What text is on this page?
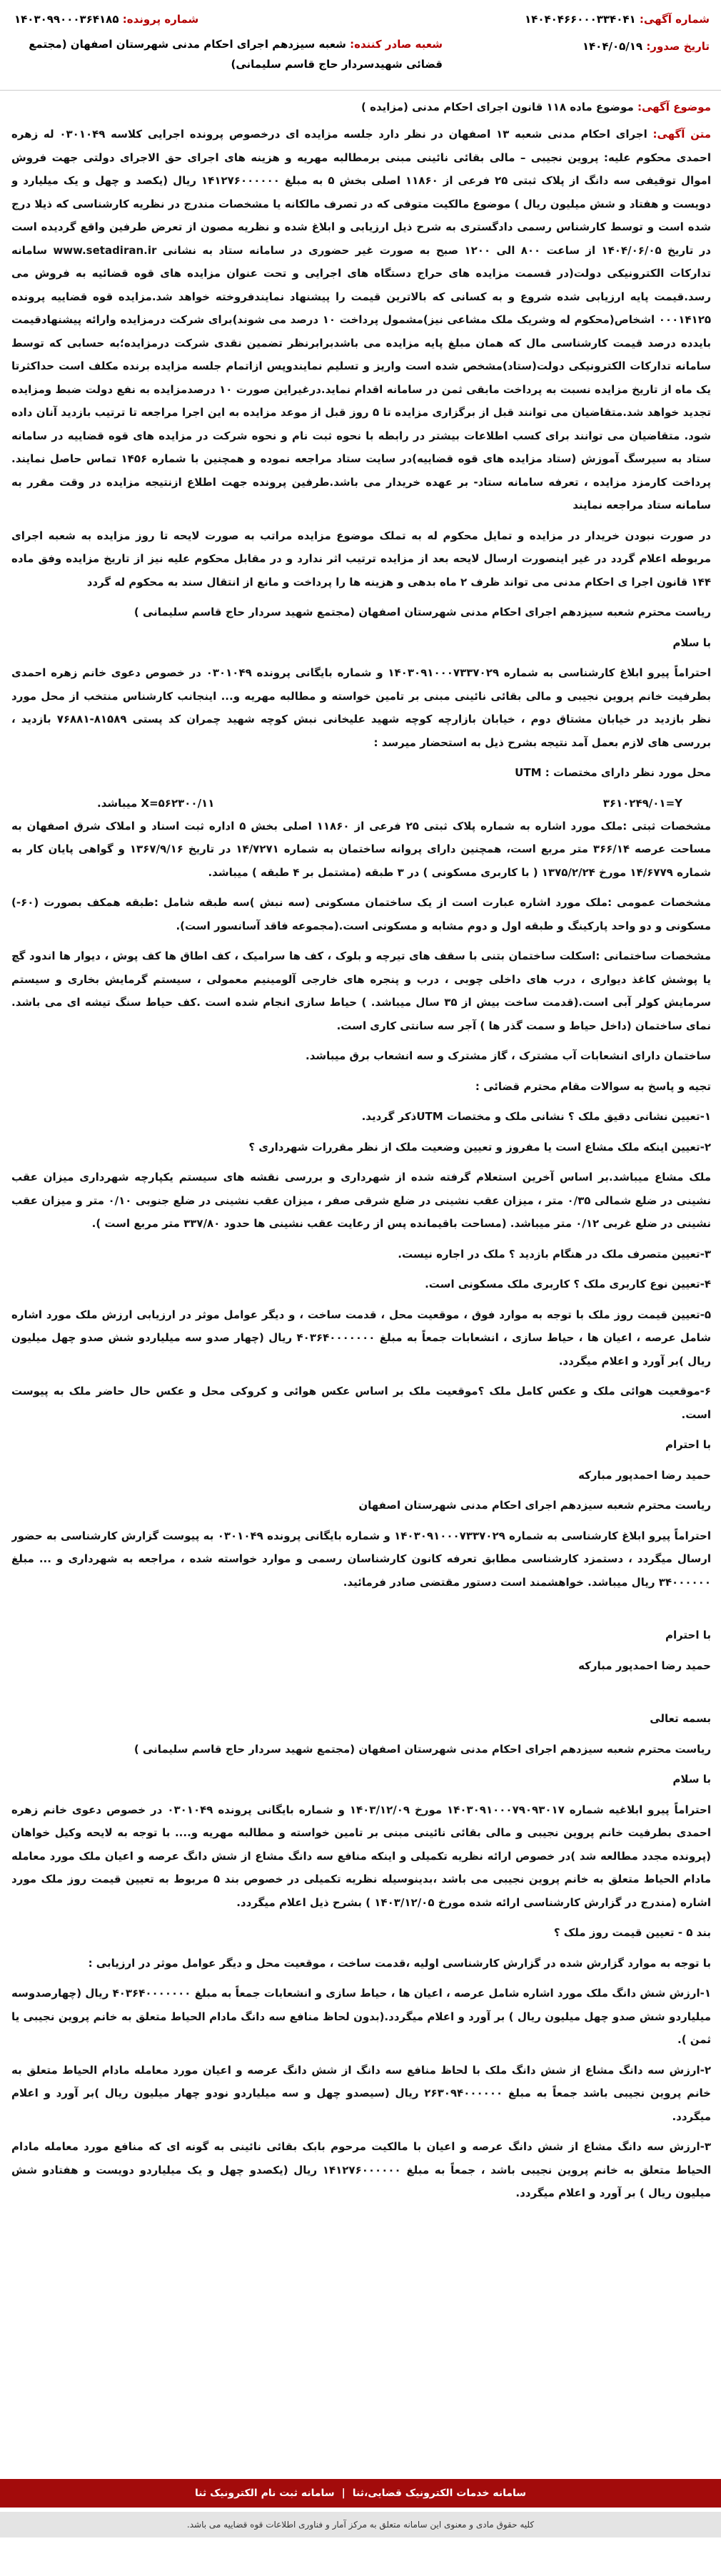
شماره آگهی: ۱۴۰۴۰۴۶۶۰۰۰۳۳۴۰۴۱
شماره پرونده: ۱۴۰۳۰۹۹۰۰۰۳۶۴۱۸۵
تاریخ صدور: ۱۴۰۴/۰۵/۱۹
شعبه صادر کننده: شعبه سیزدهم اجرای احکام مدنی شهرستان اصفهان (مجتمع قضائی شهیدسردار حاج قاسم سلیمانی)
موضوع آگهی: موضوع ماده ۱۱۸ قانون اجرای احکام مدنی (مزایده )

متن آگهی: اجرای احکام مدنی شعبه ۱۳ اصفهان در نظر دارد جلسه مزایده ای درخصوص پرونده اجرایی کلاسه ۰۳۰۱۰۴۹ له زهره احمدی محکوم علیه: پروین نجیبی – مالی بقائی نائینی مبنی برمطالبه مهریه و هزینه های اجرای حق الاجرای دولتی جهت فروش اموال توقیفی سه دانگ از پلاک ثبتی ۲۵ فرعی از ۱۱۸۶۰ اصلی بخش ۵ به مبلغ ۱۴۱۲۷۶۰۰۰۰۰۰ ریال (یکصد و چهل و یک میلیارد و دویست و هفتاد و شش میلیون ریال ) موضوع مالکیت متوفی که در تصرف مالکانه یا مشخصات مندرج در نظریه کارشناسی که ذیلا درج شده است و توسط کارشناس رسمی دادگستری به شرح ذیل ارزیابی و ابلاغ شده و نظریه مصون از تعرض طرفین واقع گردیده است در تاریخ ۱۴۰۴/۰۶/۰۵ از ساعت ۸۰۰ الی ۱۲۰۰ صبح به صورت غیر حضوری در سامانه ستاد به نشانی www.setadiran.ir سامانه تدارکات الکترونیکی دولت(در قسمت مزایده های حراج دستگاه های اجرایی و تحت عنوان مزایده های قوه قضائیه به فروش می رسد.قیمت پایه ارزیابی شده شروع و به کسانی که بالاترین قیمت را پیشنهاد نمایندفروخته خواهد شد.مزایده قوه قضاییه پرونده ۰۰۰۱۴۱۲۵ اشخاص(محکوم له وشریک ملک مشاعی نیز)مشمول پرداخت ۱۰ درصد می شوند)برای شرکت درمزایده وارائه پیشنهادقیمت بایدده درصد قیمت کارشناسی مال که همان مبلغ پایه مزایده می باشدبرابرنظر تضمین نقدی شرکت درمزایده؛به حسابی که توسط سامانه تدارکات الکترونیکی دولت(ستاد)مشخص شده است واریز و تسلیم نمایندوپس ازاتمام جلسه مزایده برنده مکلف است حداکثرتا یک ماه از تاریخ مزایده نسبت به پرداخت مابقی ثمن در سامانه اقدام نماید.درغیراین صورت ۱۰ درصدمزایده به نفع دولت ضبط ومزایده تجدید خواهد شد.متقاضیان می توانند قبل از برگزاری مزایده تا ۵ روز قبل از موعد مزایده به این اجرا مراجعه تا ترتیب بازدید آنان داده شود. متقاضیان می توانند برای کسب اطلاعات بیشتر در رابطه با نحوه ثبت نام و نحوه شرکت در مزایده های قوه قضاییه در سامانه ستاد به سیرسگ آموزش (ستاد مزایده های قوه قضاییه)در سایت ستاد مراجعه نموده و همچنین با شماره ۱۴۵۶ تماس حاصل نمایند. پرداخت کارمزد مزایده ، تعرفه سامانه ستاد- بر عهده خریدار می باشد.طرفین پرونده جهت اطلاع ازنتیجه مزایده در وقت مقرر به سامانه ستاد مراجعه نمایند

در صورت نبودن خریدار در مزایده و تمایل محکوم له به تملک موضوع مزایده مراتب به صورت لایحه تا روز مزایده به شعبه اجرای مربوطه اعلام گردد در غیر اینصورت ارسال لایحه بعد از مزایده ترتیب اثر ندارد و در مقابل محکوم علیه نیز از تاریخ مزایده وفق ماده ۱۴۴ قانون اجرا ی احکام مدنی می تواند ظرف ۲ ماه بدهی و هزینه ها را پرداخت و مانع از انتقال سند به محکوم له گردد

ریاست محترم شعبه سیزدهم اجرای احکام مدنی شهرستان اصفهان (مجتمع شهید سردار حاج قاسم سلیمانی )

با سلام

احتراماً پیرو ابلاغ کارشناسی به شماره ۱۴۰۳۰۹۱۰۰۰۷۳۳۷۰۲۹ و شماره بایگانی پرونده ۰۳۰۱۰۴۹ در خصوص دعوی خانم زهره احمدی بطرفیت خانم پروین نجیبی و مالی بقائی نائینی مبنی بر تامین خواسته و مطالبه مهریه و... اینجانب کارشناس منتخب از محل مورد نظر بازدید در خیابان مشتاق دوم ، خیابان بازارچه کوچه شهید علیخانی نبش کوچه شهید چمران کد پستی ۸۱۵۸۹-۷۶۸۸۱ بازدید ، بررسی های لازم بعمل آمد نتیجه بشرح ذیل به استحضار میرسد :

محل مورد نظر دارای مختصات : UTM

۳۶۱۰۲۴۹/۰۱=Y
X=۵۶۲۳۰۰/۱۱ میباشد.

مشخصات ثبتی :ملک مورد اشاره به شماره پلاک ثبتی ۲۵ فرعی از ۱۱۸۶۰ اصلی بخش ۵ اداره ثبت اسناد و املاک شرق اصفهان به مساحت عرصه ۳۶۶/۱۴ متر مربع است، همچنین دارای پروانه ساختمان به شماره ۱۴/۷۲۷۱ در تاریخ ۱۳۶۷/۹/۱۶ و گواهی پایان کار به شماره ۱۴/۶۷۷۹ مورخ ۱۳۷۵/۲/۲۴ ( با کاربری مسکونی ) در ۳ طبقه (مشتمل بر ۴ طبقه ) میباشد.

مشخصات عمومی :ملک مورد اشاره عبارت است از یک ساختمان مسکونی (سه نبش )سه طبقه شامل :طبقه همکف بصورت (۶۰-) مسکونی و دو واحد پارکینگ و طبقه اول و دوم مشابه و مسکونی است.(مجموعه فاقد آسانسور است).

مشخصات ساختمانی :اسکلت ساختمان بتنی با سقف های تیرچه و بلوک ، کف ها سرامیک ، کف اطاق ها کف پوش ، دیوار ها اندود گچ یا پوشش کاغذ دیواری ، درب های داخلی چوبی ، درب و پنجره های خارجی آلومینیم معمولی ، سیستم گرمایش بخاری و سیستم سرمایش کولر آبی است.(قدمت ساخت بیش از ۳۵ سال میباشد. ) حیاط سازی انجام شده است .کف حیاط سنگ تیشه ای می باشد. نمای ساختمان (داخل حیاط و سمت گذر ها ) آجر سه سانتی کاری است.

ساختمان دارای انشعابات آب مشترک ، گاز مشترک و سه انشعاب برق میباشد.

تجیه و پاسخ به سوالات مقام محترم قضائی :

۱-تعیین نشانی دقیق ملک ؟ نشانی ملک و مختصات UTMذکر گردید.

۲-تعیین اینکه ملک مشاع است یا مفروز و تعیین وضعیت ملک از نظر مقررات شهرداری ؟

ملک مشاع میباشد.بر اساس آخرین استعلام گرفته شده از شهرداری و بررسی نقشه های سیستم یکپارچه شهرداری میزان عقب نشینی در ضلع شمالی ۰/۳۵ متر ، میزان عقب نشینی در ضلع شرقی صفر ، میزان عقب نشینی در ضلع جنوبی ۰/۱۰ متر و میزان عقب نشینی در ضلع غربی ۰/۱۲ متر میباشد. (مساحت باقیمانده پس از رعایت عقب نشینی ها حدود ۳۳۷/۸۰ متر مربع است ).

۳-تعیین متصرف ملک در هنگام بازدید ؟ ملک در اجاره نیست.

۴-تعیین نوع کاربری ملک ؟ کاربری ملک مسکونی است.

۵-تعیین قیمت روز ملک با توجه به موارد فوق ، موقعیت محل ، قدمت ساخت ، و دیگر عوامل موثر در ارزیابی ارزش ملک مورد اشاره شامل عرصه ، اعیان ها ، حیاط سازی ، انشعابات جمعاً به مبلغ ۴۰۳۶۴۰۰۰۰۰۰۰ ریال (چهار صدو سه میلیاردو شش صدو چهل میلیون ریال )بر آورد و اعلام میگردد.

۶-موقعیت هوائی ملک و عکس کامل ملک ؟موقعیت ملک بر اساس عکس هوائی و کروکی محل و عکس حال حاضر ملک به پیوست است.

با احترام

حمید رضا احمدپور مبارکه

ریاست محترم شعبه سیزدهم اجرای احکام مدنی شهرستان اصفهان

احتراماً پیرو ابلاغ کارشناسی به شماره ۱۴۰۳۰۹۱۰۰۰۷۳۳۷۰۲۹ و شماره بایگانی پرونده ۰۳۰۱۰۴۹ به پیوست گزارش کارشناسی به حضور ارسال میگردد ، دستمزد کارشناسی مطابق تعرفه کانون کارشناسان رسمی و موارد خواسته شده ، مراجعه به شهرداری و ... مبلغ ۳۴۰۰۰۰۰۰ ریال میباشد. خواهشمند است دستور مقتضی صادر فرمائید.

با احترام

حمید رضا احمدپور مبارکه

بسمه تعالی

ریاست محترم شعبه سیزدهم اجرای احکام مدنی شهرستان اصفهان (مجتمع شهید سردار حاج قاسم سلیمانی )

با سلام

احتراماً پیرو ابلاغیه شماره ۱۴۰۳۰۹۱۰۰۰۷۹۰۹۳۰۱۷ مورخ ۱۴۰۳/۱۲/۰۹ و شماره بایگانی پرونده ۰۳۰۱۰۴۹ در خصوص دعوی خانم زهره احمدی بطرفیت خانم پروین نجیبی و مالی بقائی نائینی مبنی بر تامین خواسته و مطالبه مهریه و.... با توجه به لایحه وکیل خواهان (پرونده مجدد مطالعه شد )در خصوص ارائه نظریه تکمیلی و اینکه منافع سه دانگ مشاع از شش دانگ عرصه و اعیان ملک مورد معامله مادام الحیاط متعلق به خانم پروین نجیبی می باشد ،بدینوسیله نظریه تکمیلی در خصوص بند ۵ مربوط به تعیین قیمت روز ملک مورد اشاره (مندرج در گزارش کارشناسی ارائه شده مورخ ۱۴۰۳/۱۲/۰۵ ) بشرح ذیل اعلام میگردد.

بند ۵ - تعیین قیمت روز ملک ؟

با توجه به موارد گزارش شده در گزارش کارشناسی اولیه ،قدمت ساخت ، موقعیت محل و دیگر عوامل موثر در ارزیابی :

۱-ارزش شش دانگ ملک مورد اشاره شامل عرصه ، اعیان ها ، حیاط سازی و انشعابات جمعاً به مبلغ ۴۰۳۶۴۰۰۰۰۰۰۰ ریال (چهارصدوسه میلیاردو شش صدو چهل میلیون ریال ) بر آورد و اعلام میگردد.(بدون لحاظ منافع سه دانگ مادام الحیاط متعلق به خانم پروین نجیبی یا ثمن ).

۲-ارزش سه دانگ مشاع از شش دانگ ملک با لحاظ منافع سه دانگ از شش دانگ عرصه و اعیان مورد معامله مادام الحیاط متعلق به خانم پروین نجیبی باشد جمعاً به مبلغ ۲۶۳۰۹۴۰۰۰۰۰۰ ریال (سیصدو چهل و سه میلیاردو نودو چهار میلیون ریال )بر آورد و اعلام میگردد.

۳-ارزش سه دانگ مشاع از شش دانگ عرصه و اعیان با مالکیت مرحوم بابک بقائی نائینی به گونه ای که منافع مورد معامله مادام الحیاط متعلق به خانم پروین نجیبی باشد ، جمعاً به مبلغ ۱۴۱۲۷۶۰۰۰۰۰۰ ریال (یکصدو چهل و یک میلیاردو دویست و هفتادو شش میلیون ریال ) بر آورد و اعلام میگردد.

سامانه خدمات الکترونیک قضایی،ثنا
|
سامانه ثبت نام الکترونیک ثنا
کلیه حقوق مادی و معنوی این سامانه متعلق به مرکز آمار و فناوری اطلاعات قوه قضاییه می باشد.
